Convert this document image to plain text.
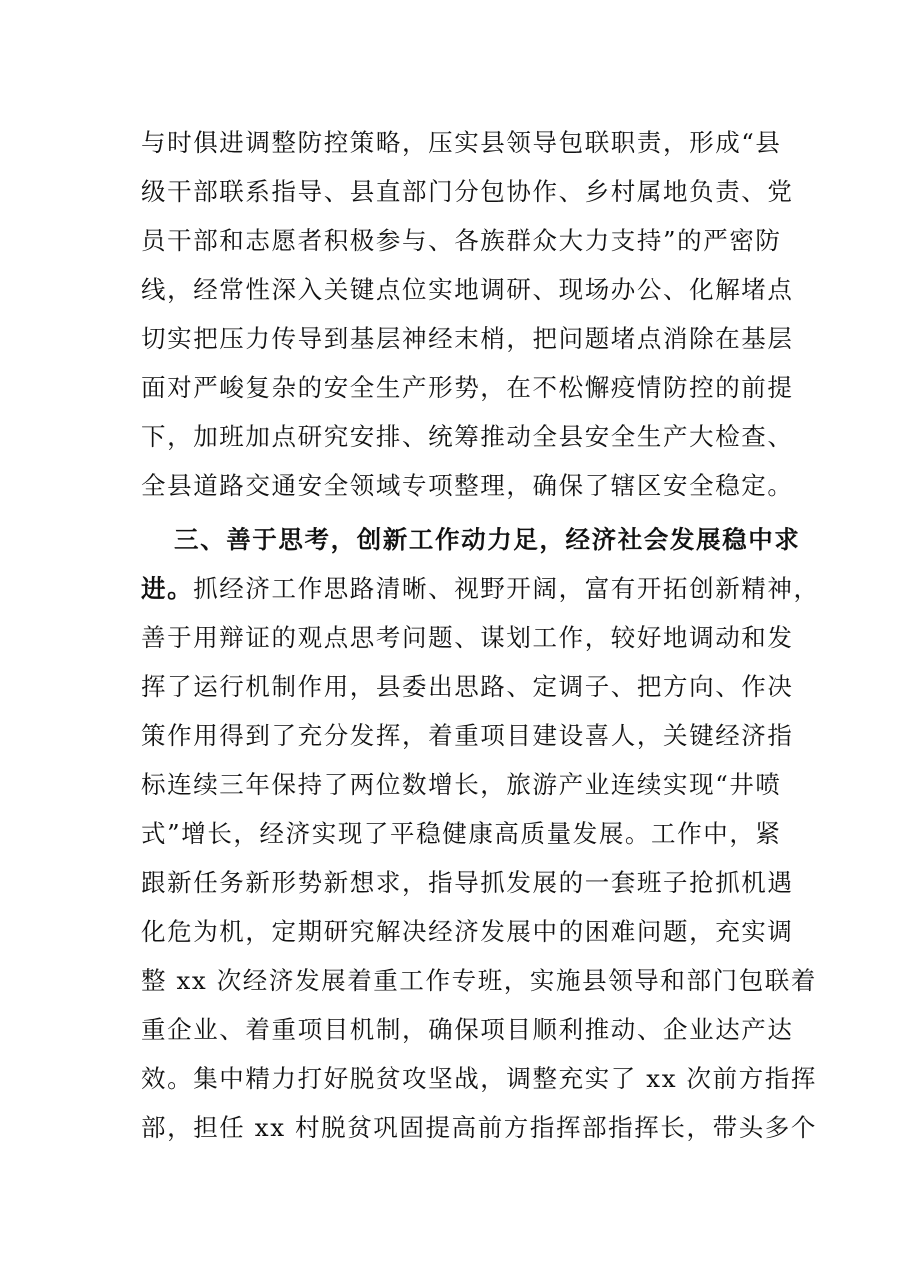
与时俱进调整防控策略，压实县领导包联职责，形成“县
级干部联系指导、县直部门分包协作、乡村属地负责、党
员干部和志愿者积极参与、各族群众大力支持”的严密防
线，经常性深入关键点位实地调研、现场办公、化解堵点
切实把压力传导到基层神经末梢，把问题堵点消除在基层
面对严峻复杂的安全生产形势，在不松懈疫情防控的前提
下，加班加点研究安排、统筹推动全县安全生产大检查、
全县道路交通安全领域专项整理，确保了辖区安全稳定。
三、善于思考，创新工作动力足，经济社会发展稳中求
进。抓经济工作思路清晰、视野开阔，富有开拓创新精神，
善于用辩证的观点思考问题、谋划工作，较好地调动和发
挥了运行机制作用，县委出思路、定调子、把方向、作决
策作用得到了充分发挥，着重项目建设喜人，关键经济指
标连续三年保持了两位数增长，旅游产业连续实现“井喷
式”增长，经济实现了平稳健康高质量发展。工作中，紧
跟新任务新形势新想求，指导抓发展的一套班子抢抓机遇
化危为机，定期研究解决经济发展中的困难问题，充实调
整 xx 次经济发展着重工作专班，实施县领导和部门包联着
重企业、着重项目机制，确保项目顺利推动、企业达产达
效。集中精力打好脱贫攻坚战，调整充实了 xx 次前方指挥
部，担任 xx 村脱贫巩固提高前方指挥部指挥长，带头多个
